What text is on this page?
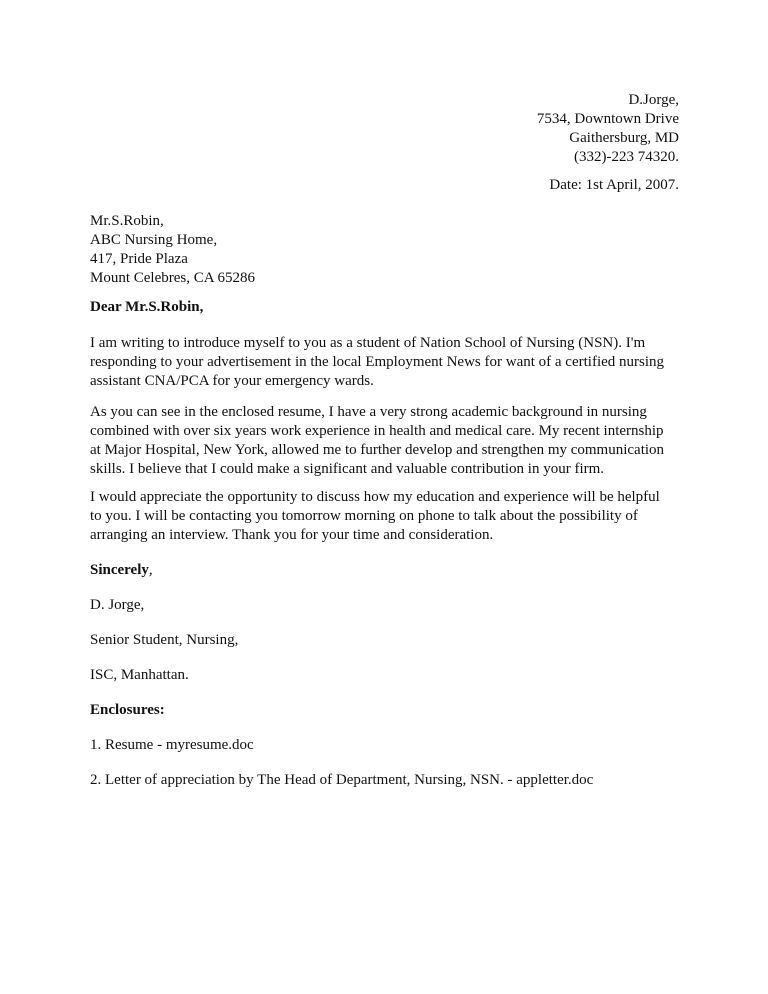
D.Jorge,
7534, Downtown Drive
Gaithersburg, MD
(332)-223 74320.
Date: 1st April, 2007.
Mr.S.Robin,
ABC Nursing Home,
417, Pride Plaza
Mount Celebres, CA 65286
Dear Mr.S.Robin,
I am writing to introduce myself to you as a student of Nation School of Nursing (NSN). I'm
responding to your advertisement in the local Employment News for want of a certified nursing
assistant CNA/PCA for your emergency wards.
As you can see in the enclosed resume, I have a very strong academic background in nursing
combined with over six years work experience in health and medical care. My recent internship
at Major Hospital, New York, allowed me to further develop and strengthen my communication
skills. I believe that I could make a significant and valuable contribution in your firm.
I would appreciate the opportunity to discuss how my education and experience will be helpful
to you. I will be contacting you tomorrow morning on phone to talk about the possibility of
arranging an interview. Thank you for your time and consideration.
Sincerely,
D. Jorge,
Senior Student, Nursing,
ISC, Manhattan.
Enclosures:
1. Resume - myresume.doc
2. Letter of appreciation by The Head of Department, Nursing, NSN. - appletter.doc
